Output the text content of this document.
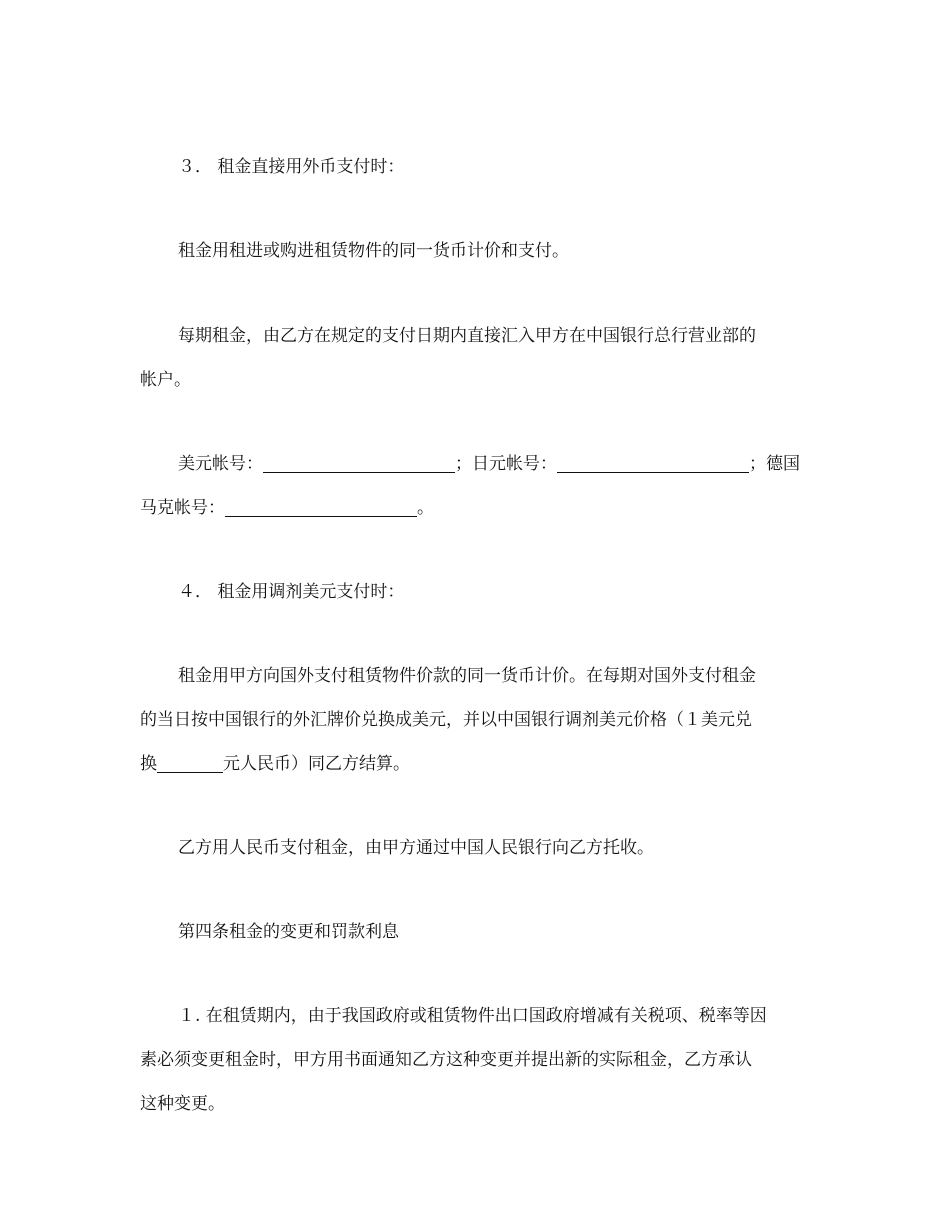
３． 租金直接用外币支付时：

租金用租进或购进租赁物件的同一货币计价和支付。

每期租金，由乙方在规定的支付日期内直接汇入甲方在中国银行总行营业部的

帐户。

美元帐号：	；日元帐号：	；德国
马克帐号：	。

４． 租金用调剂美元支付时：

租金用甲方向国外支付租赁物件价款的同一货币计价。在每期对国外支付租金

的当日按中国银行的外汇牌价兑换成美元，并以中国银行调剂美元价格（１美元兑

换	元人民币）同乙方结算。

乙方用人民币支付租金，由甲方通过中国人民银行向乙方托收。

第四条租金的变更和罚款利息

１. 在租赁期内，由于我国政府或租赁物件出口国政府增减有关税项、税率等因

素必须变更租金时，甲方用书面通知乙方这种变更并提出新的实际租金，乙方承认

这种变更。
